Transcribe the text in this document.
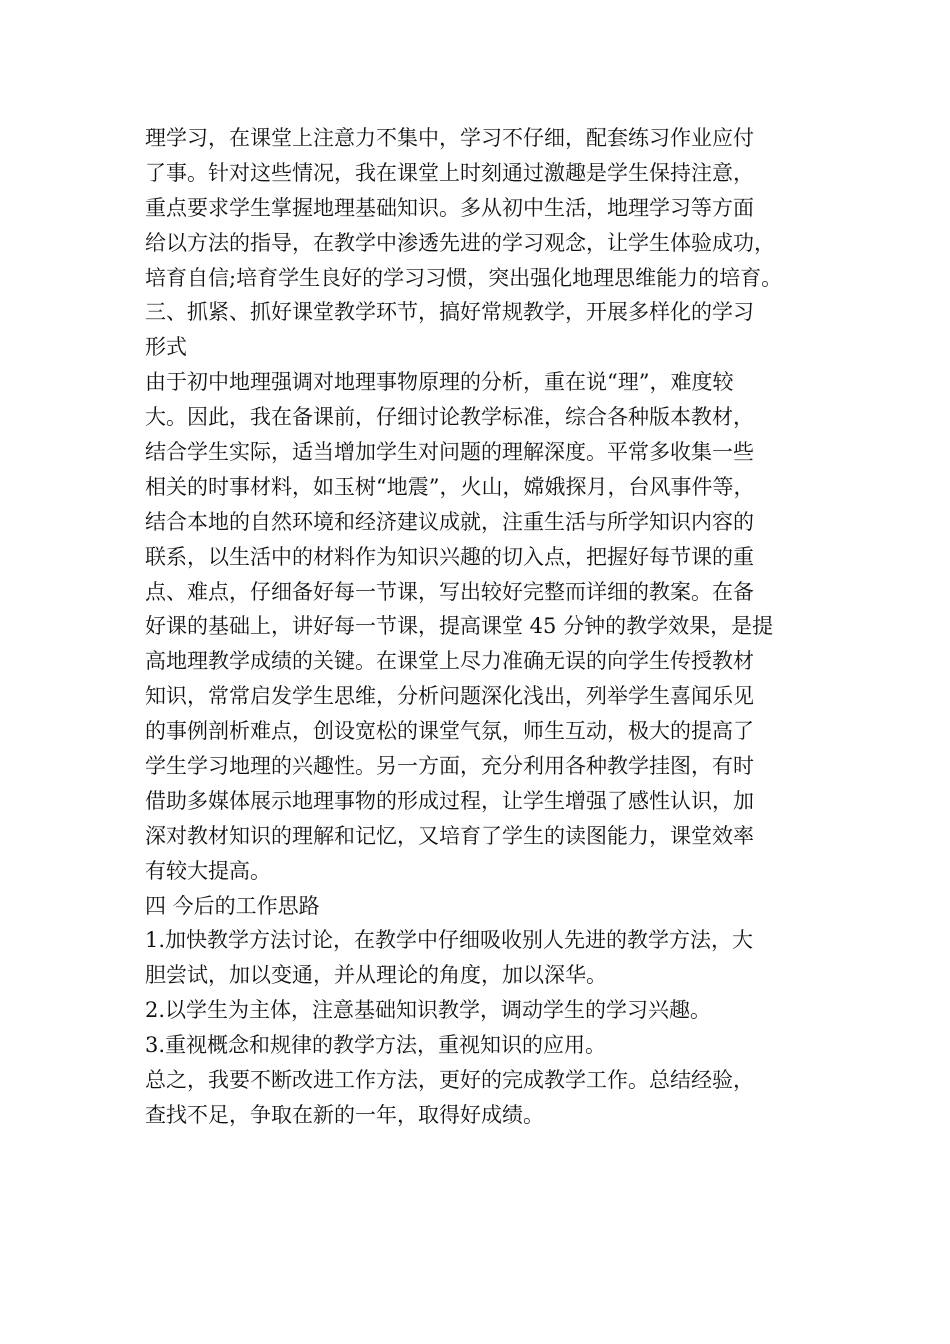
理学习，在课堂上注意力不集中，学习不仔细，配套练习作业应付
了事。针对这些情况，我在课堂上时刻通过激趣是学生保持注意，
重点要求学生掌握地理基础知识。多从初中生活，地理学习等方面
给以方法的指导，在教学中渗透先进的学习观念，让学生体验成功，
培育自信;培育学生良好的学习习惯，突出强化地理思维能力的培育。
三、抓紧、抓好课堂教学环节，搞好常规教学，开展多样化的学习
形式
由于初中地理强调对地理事物原理的分析，重在说“理”，难度较
大。因此，我在备课前，仔细讨论教学标准，综合各种版本教材，
结合学生实际，适当增加学生对问题的理解深度。平常多收集一些
相关的时事材料，如玉树“地震”，火山，嫦娥探月，台风事件等，
结合本地的自然环境和经济建议成就，注重生活与所学知识内容的
联系，以生活中的材料作为知识兴趣的切入点，把握好每节课的重
点、难点，仔细备好每一节课，写出较好完整而详细的教案。在备
好课的基础上，讲好每一节课，提高课堂 45 分钟的教学效果，是提
高地理教学成绩的关键。在课堂上尽力准确无误的向学生传授教材
知识，常常启发学生思维，分析问题深化浅出，列举学生喜闻乐见
的事例剖析难点，创设宽松的课堂气氛，师生互动，极大的提高了
学生学习地理的兴趣性。另一方面，充分利用各种教学挂图，有时
借助多媒体展示地理事物的形成过程，让学生增强了感性认识，加
深对教材知识的理解和记忆，又培育了学生的读图能力，课堂效率
有较大提高。
四 今后的工作思路
1.加快教学方法讨论，在教学中仔细吸收别人先进的教学方法，大
胆尝试，加以变通，并从理论的角度，加以深华。
2.以学生为主体，注意基础知识教学，调动学生的学习兴趣。
3.重视概念和规律的教学方法，重视知识的应用。
总之，我要不断改进工作方法，更好的完成教学工作。总结经验，
查找不足，争取在新的一年，取得好成绩。
